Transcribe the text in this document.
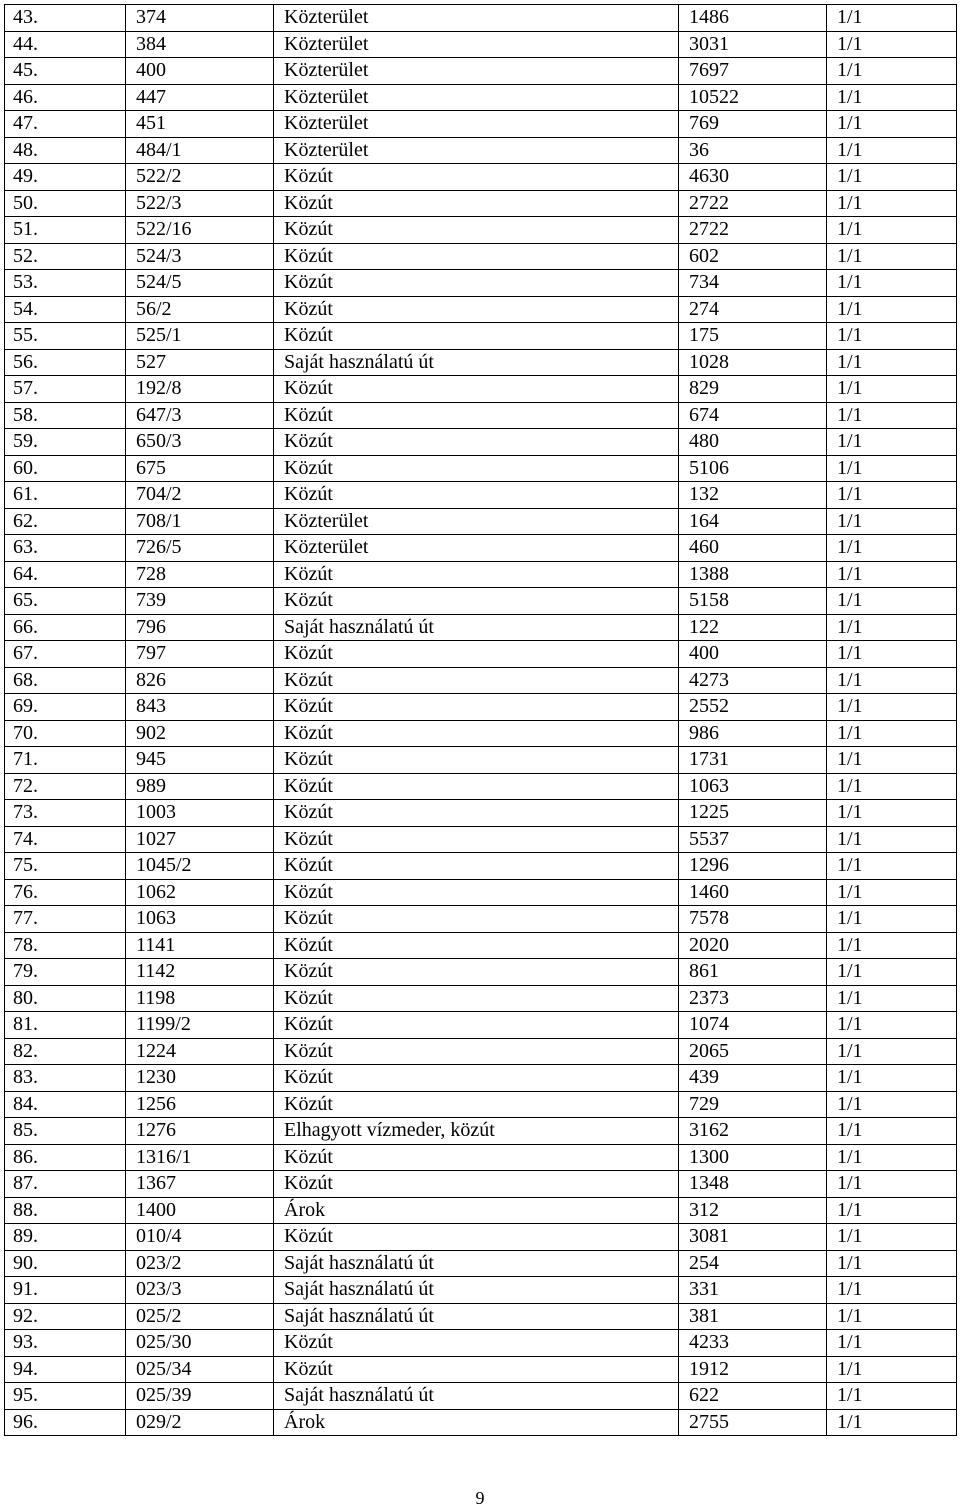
43.	374	Közterület	1486	1/1
44.	384	Közterület	3031	1/1
45.	400	Közterület	7697	1/1
46.	447	Közterület	10522	1/1
47.	451	Közterület	769	1/1
48.	484/1	Közterület	36	1/1
49.	522/2	Közút	4630	1/1
50.	522/3	Közút	2722	1/1
51.	522/16	Közút	2722	1/1
52.	524/3	Közút	602	1/1
53.	524/5	Közút	734	1/1
54.	56/2	Közút	274	1/1
55.	525/1	Közút	175	1/1
56.	527	Saját használatú út	1028	1/1
57.	192/8	Közút	829	1/1
58.	647/3	Közút	674	1/1
59.	650/3	Közút	480	1/1
60.	675	Közút	5106	1/1
61.	704/2	Közút	132	1/1
62.	708/1	Közterület	164	1/1
63.	726/5	Közterület	460	1/1
64.	728	Közút	1388	1/1
65.	739	Közút	5158	1/1
66.	796	Saját használatú út	122	1/1
67.	797	Közút	400	1/1
68.	826	Közút	4273	1/1
69.	843	Közút	2552	1/1
70.	902	Közút	986	1/1
71.	945	Közút	1731	1/1
72.	989	Közút	1063	1/1
73.	1003	Közút	1225	1/1
74.	1027	Közút	5537	1/1
75.	1045/2	Közút	1296	1/1
76.	1062	Közút	1460	1/1
77.	1063	Közút	7578	1/1
78.	1141	Közút	2020	1/1
79.	1142	Közút	861	1/1
80.	1198	Közút	2373	1/1
81.	1199/2	Közút	1074	1/1
82.	1224	Közút	2065	1/1
83.	1230	Közút	439	1/1
84.	1256	Közút	729	1/1
85.	1276	Elhagyott vízmeder, közút	3162	1/1
86.	1316/1	Közút	1300	1/1
87.	1367	Közút	1348	1/1
88.	1400	Árok	312	1/1
89.	010/4	Közút	3081	1/1
90.	023/2	Saját használatú út	254	1/1
91.	023/3	Saját használatú út	331	1/1
92.	025/2	Saját használatú út	381	1/1
93.	025/30	Közút	4233	1/1
94.	025/34	Közút	1912	1/1
95.	025/39	Saját használatú út	622	1/1
96.	029/2	Árok	2755	1/1
9
